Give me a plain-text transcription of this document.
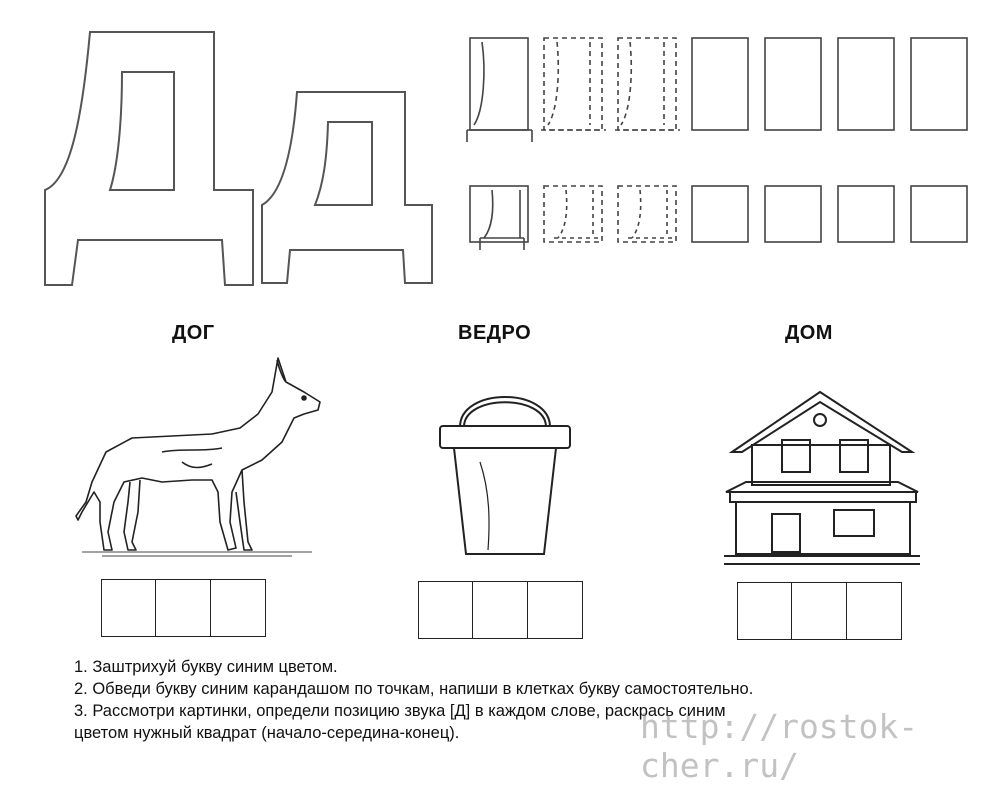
ДОГ	ВЕДРО	ДОМ
1. Заштрихуй букву синим цветом.
2. Обведи букву синим карандашом по точкам, напиши в клетках букву самостоятельно.
3. Рассмотри картинки, определи позицию звука [Д] в каждом слове, раскрась синим
цветом нужный квадрат (начало-середина-конец).	http://rostok-cher.ru/
